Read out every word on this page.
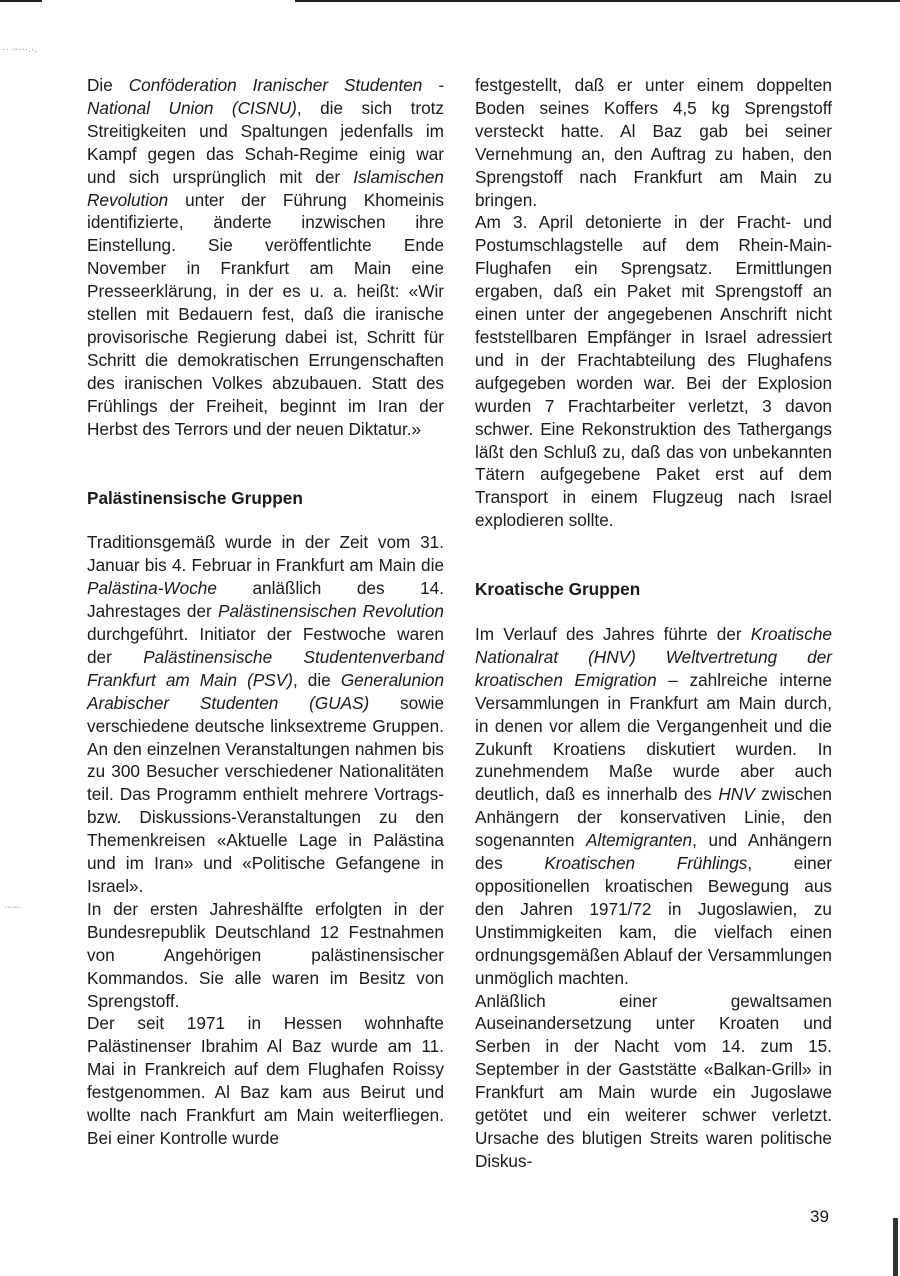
·· ·-·-·.·.
·-·-·

Die Conföderation Iranischer Studenten - National Union (CISNU), die sich trotz Streitigkeiten und Spaltungen jedenfalls im Kampf gegen das Schah-Regime einig war und sich ursprünglich mit der Islamischen Revolution unter der Führung Khomeinis identifizierte, änderte inzwischen ihre Einstellung. Sie veröffentlichte Ende November in Frankfurt am Main eine Presseerklärung, in der es u. a. heißt: «Wir stellen mit Bedauern fest, daß die iranische provisorische Regierung dabei ist, Schritt für Schritt die demokratischen Errungenschaften des iranischen Volkes abzubauen. Statt des Frühlings der Freiheit, beginnt im Iran der Herbst des Terrors und der neuen Diktatur.»

Palästinensische Gruppen

Traditionsgemäß wurde in der Zeit vom 31. Januar bis 4. Februar in Frankfurt am Main die Palästina-Woche anläßlich des 14. Jahrestages der Palästinensischen Revolution durchgeführt. Initiator der Festwoche waren der Palästinensische Studentenverband Frankfurt am Main (PSV), die Generalunion Arabischer Studenten (GUAS) sowie verschiedene deutsche linksextreme Gruppen. An den einzelnen Veranstaltungen nahmen bis zu 300 Besucher verschiedener Nationalitäten teil. Das Programm enthielt mehrere Vortrags- bzw. Diskussions-Veranstaltungen zu den Themenkreisen «Aktuelle Lage in Palästina und im Iran» und «Politische Gefangene in Israel».

In der ersten Jahreshälfte erfolgten in der Bundesrepublik Deutschland 12 Festnahmen von Angehörigen palästinensischer Kommandos. Sie alle waren im Besitz von Sprengstoff.

Der seit 1971 in Hessen wohnhafte Palästinenser Ibrahim Al Baz wurde am 11. Mai in Frankreich auf dem Flughafen Roissy festgenommen. Al Baz kam aus Beirut und wollte nach Frankfurt am Main weiterfliegen. Bei einer Kontrolle wurde

festgestellt, daß er unter einem doppelten Boden seines Koffers 4,5 kg Sprengstoff versteckt hatte. Al Baz gab bei seiner Vernehmung an, den Auftrag zu haben, den Sprengstoff nach Frankfurt am Main zu bringen.

Am 3. April detonierte in der Fracht- und Postumschlagstelle auf dem Rhein-Main-Flughafen ein Sprengsatz. Ermittlungen ergaben, daß ein Paket mit Sprengstoff an einen unter der angegebenen Anschrift nicht feststellbaren Empfänger in Israel adressiert und in der Frachtabteilung des Flughafens aufgegeben worden war. Bei der Explosion wurden 7 Frachtarbeiter verletzt, 3 davon schwer. Eine Rekonstruktion des Tathergangs läßt den Schluß zu, daß das von unbekannten Tätern aufgegebene Paket erst auf dem Transport in einem Flugzeug nach Israel explodieren sollte.

Kroatische Gruppen

Im Verlauf des Jahres führte der Kroatische Nationalrat (HNV) Weltvertretung der kroatischen Emigration – zahlreiche interne Versammlungen in Frankfurt am Main durch, in denen vor allem die Vergangenheit und die Zukunft Kroatiens diskutiert wurden. In zunehmendem Maße wurde aber auch deutlich, daß es innerhalb des HNV zwischen Anhängern der konservativen Linie, den sogenannten Altemigranten, und Anhängern des Kroatischen Frühlings, einer oppositionellen kroatischen Bewegung aus den Jahren 1971/72 in Jugoslawien, zu Unstimmigkeiten kam, die vielfach einen ordnungsgemäßen Ablauf der Versammlungen unmöglich machten.

Anläßlich einer gewaltsamen Auseinandersetzung unter Kroaten und Serben in der Nacht vom 14. zum 15. September in der Gaststätte «Balkan-Grill» in Frankfurt am Main wurde ein Jugoslawe getötet und ein weiterer schwer verletzt. Ursache des blutigen Streits waren politische Diskus-

39
